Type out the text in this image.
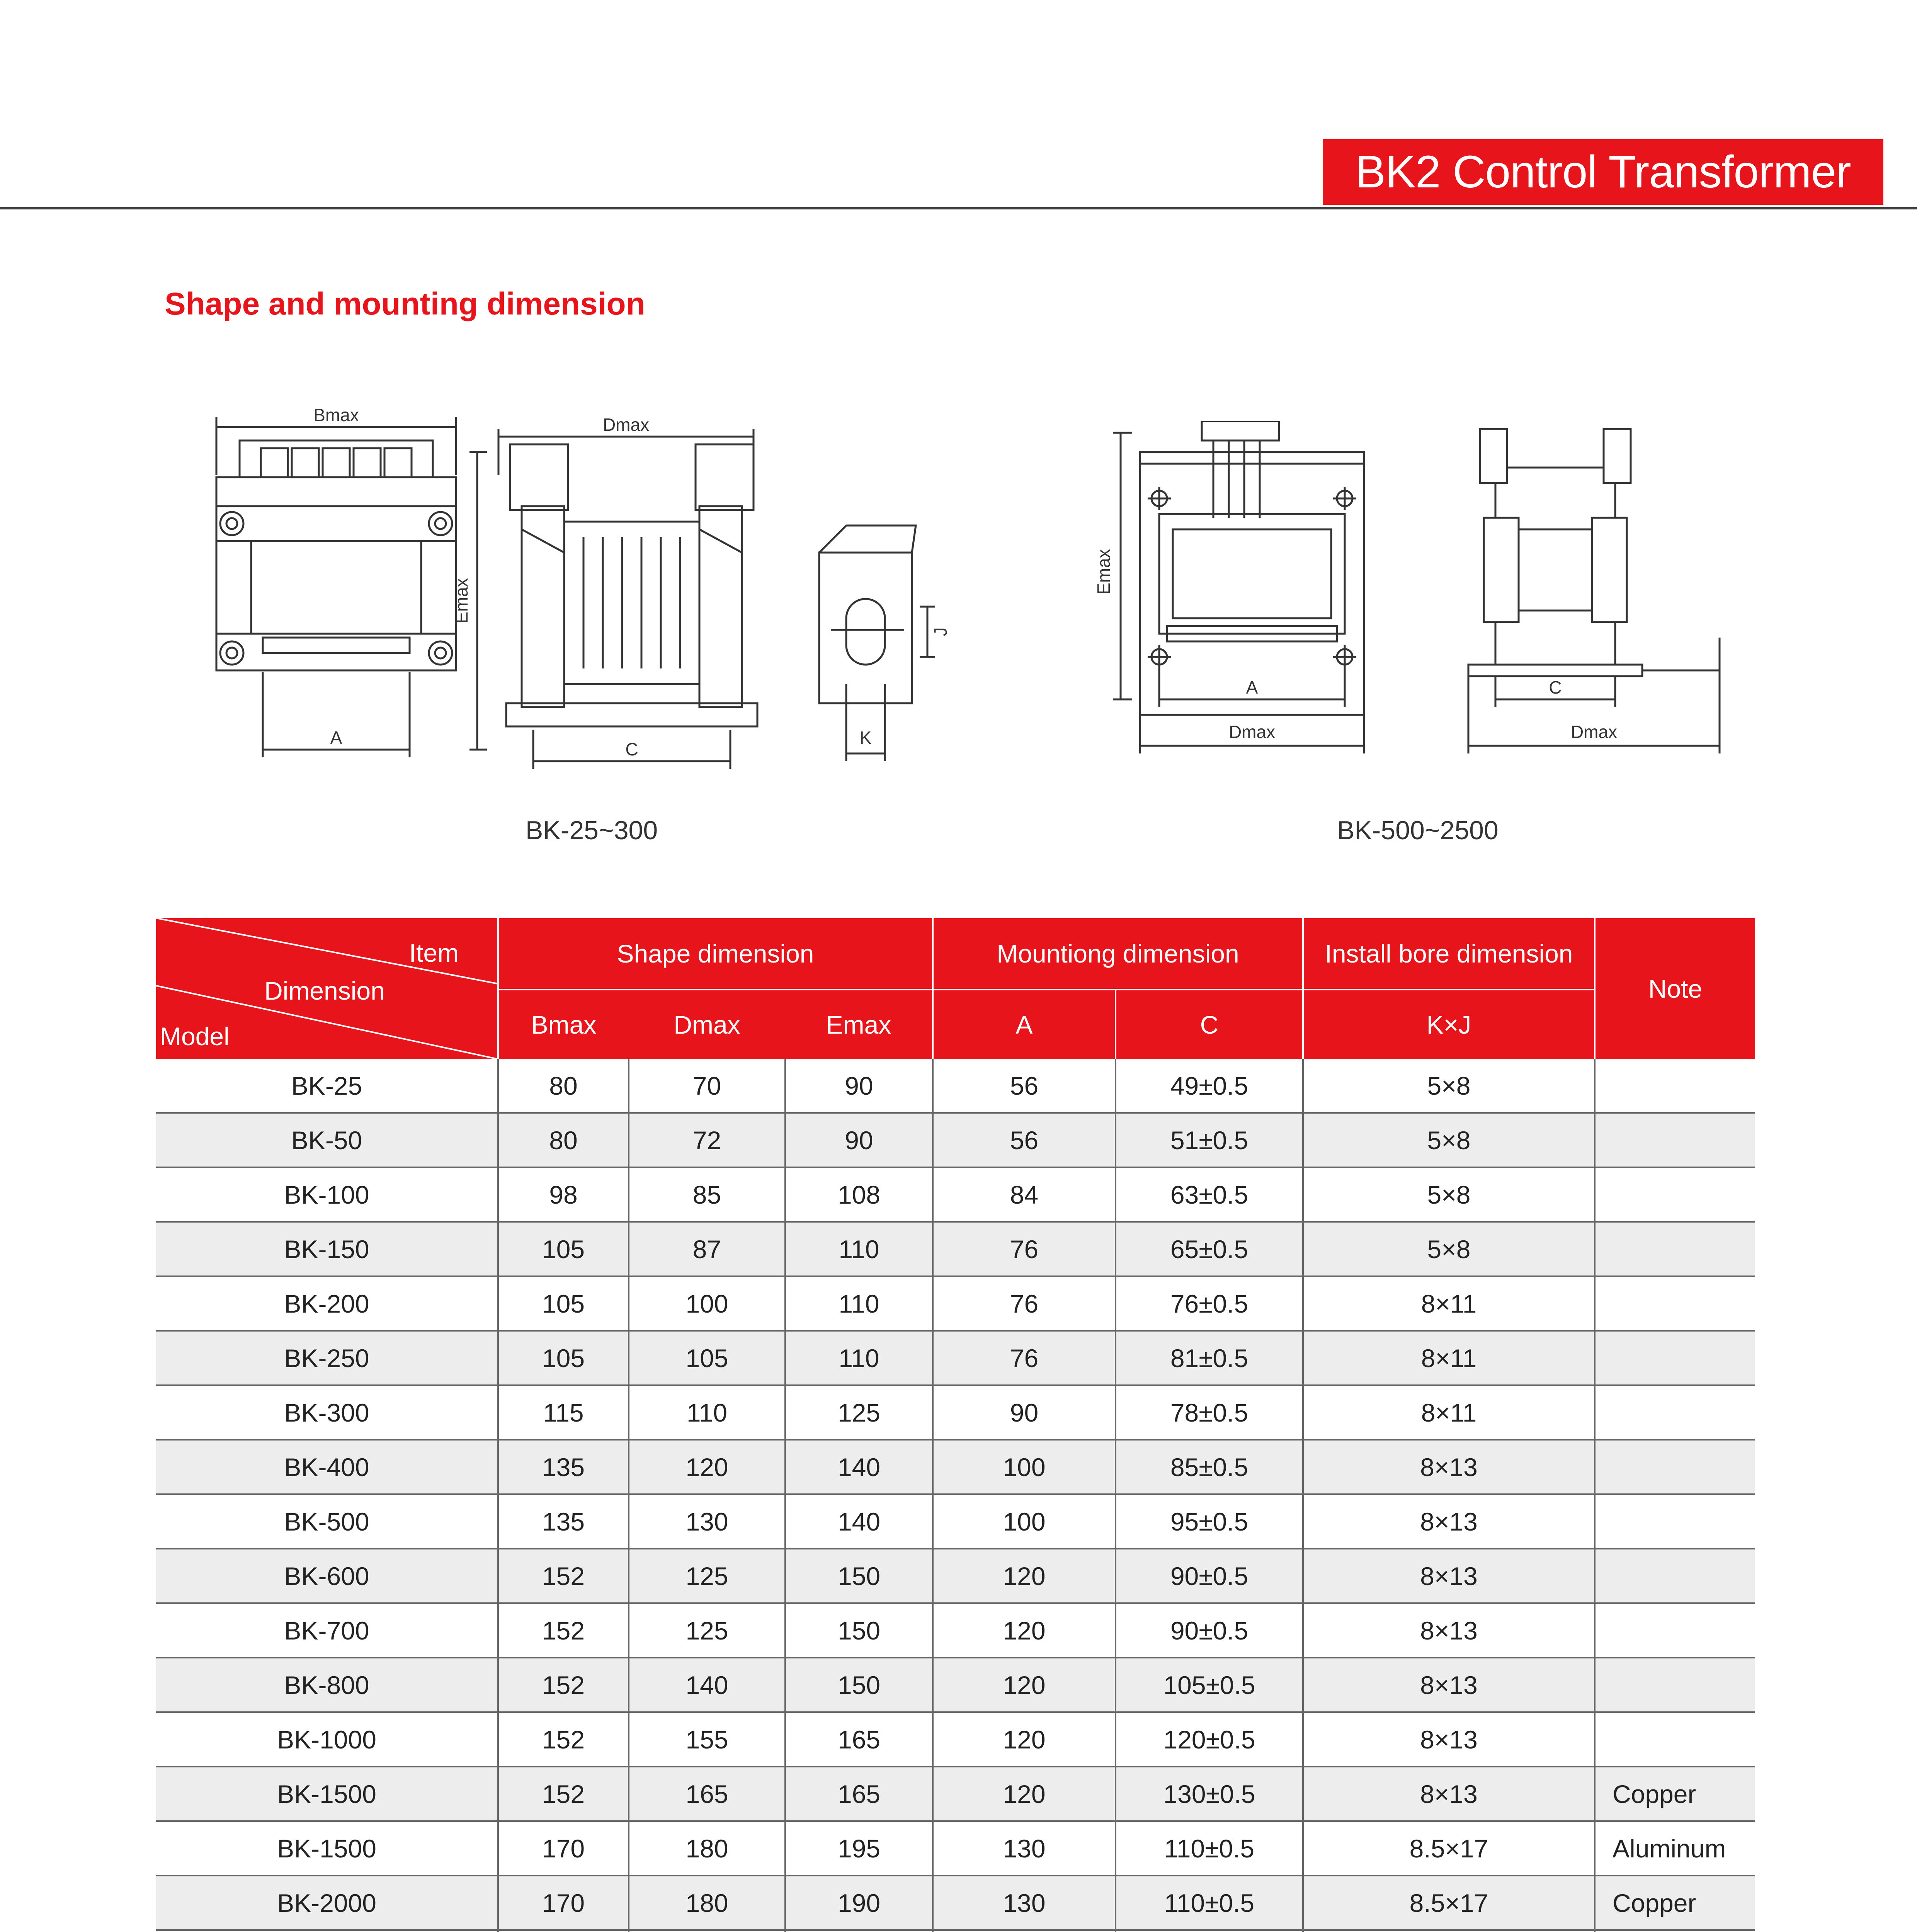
BK2 Control Transformer
Shape and mounting dimension
Bmax
A
Dmax
Emax
C
K
J
BK-25~300
Emax
A
Dmax
C
Dmax
BK-500~2500
Item
Dimension
Model	Shape dimension			Mountiong dimension		Install bore dimension	Note
	Bmax	Dmax	Emax	A	C	K×J	
BK-25	80	70	90	56	49±0.5	5×8	
BK-50	80	72	90	56	51±0.5	5×8	
BK-100	98	85	108	84	63±0.5	5×8	
BK-150	105	87	110	76	65±0.5	5×8	
BK-200	105	100	110	76	76±0.5	8×11	
BK-250	105	105	110	76	81±0.5	8×11	
BK-300	115	110	125	90	78±0.5	8×11	
BK-400	135	120	140	100	85±0.5	8×13	
BK-500	135	130	140	100	95±0.5	8×13	
BK-600	152	125	150	120	90±0.5	8×13	
BK-700	152	125	150	120	90±0.5	8×13	
BK-800	152	140	150	120	105±0.5	8×13	
BK-1000	152	155	165	120	120±0.5	8×13	
BK-1500	152	165	165	120	130±0.5	8×13	Copper
BK-1500	170	180	195	130	110±0.5	8.5×17	Aluminum
BK-2000	170	180	190	130	110±0.5	8.5×17	Copper
